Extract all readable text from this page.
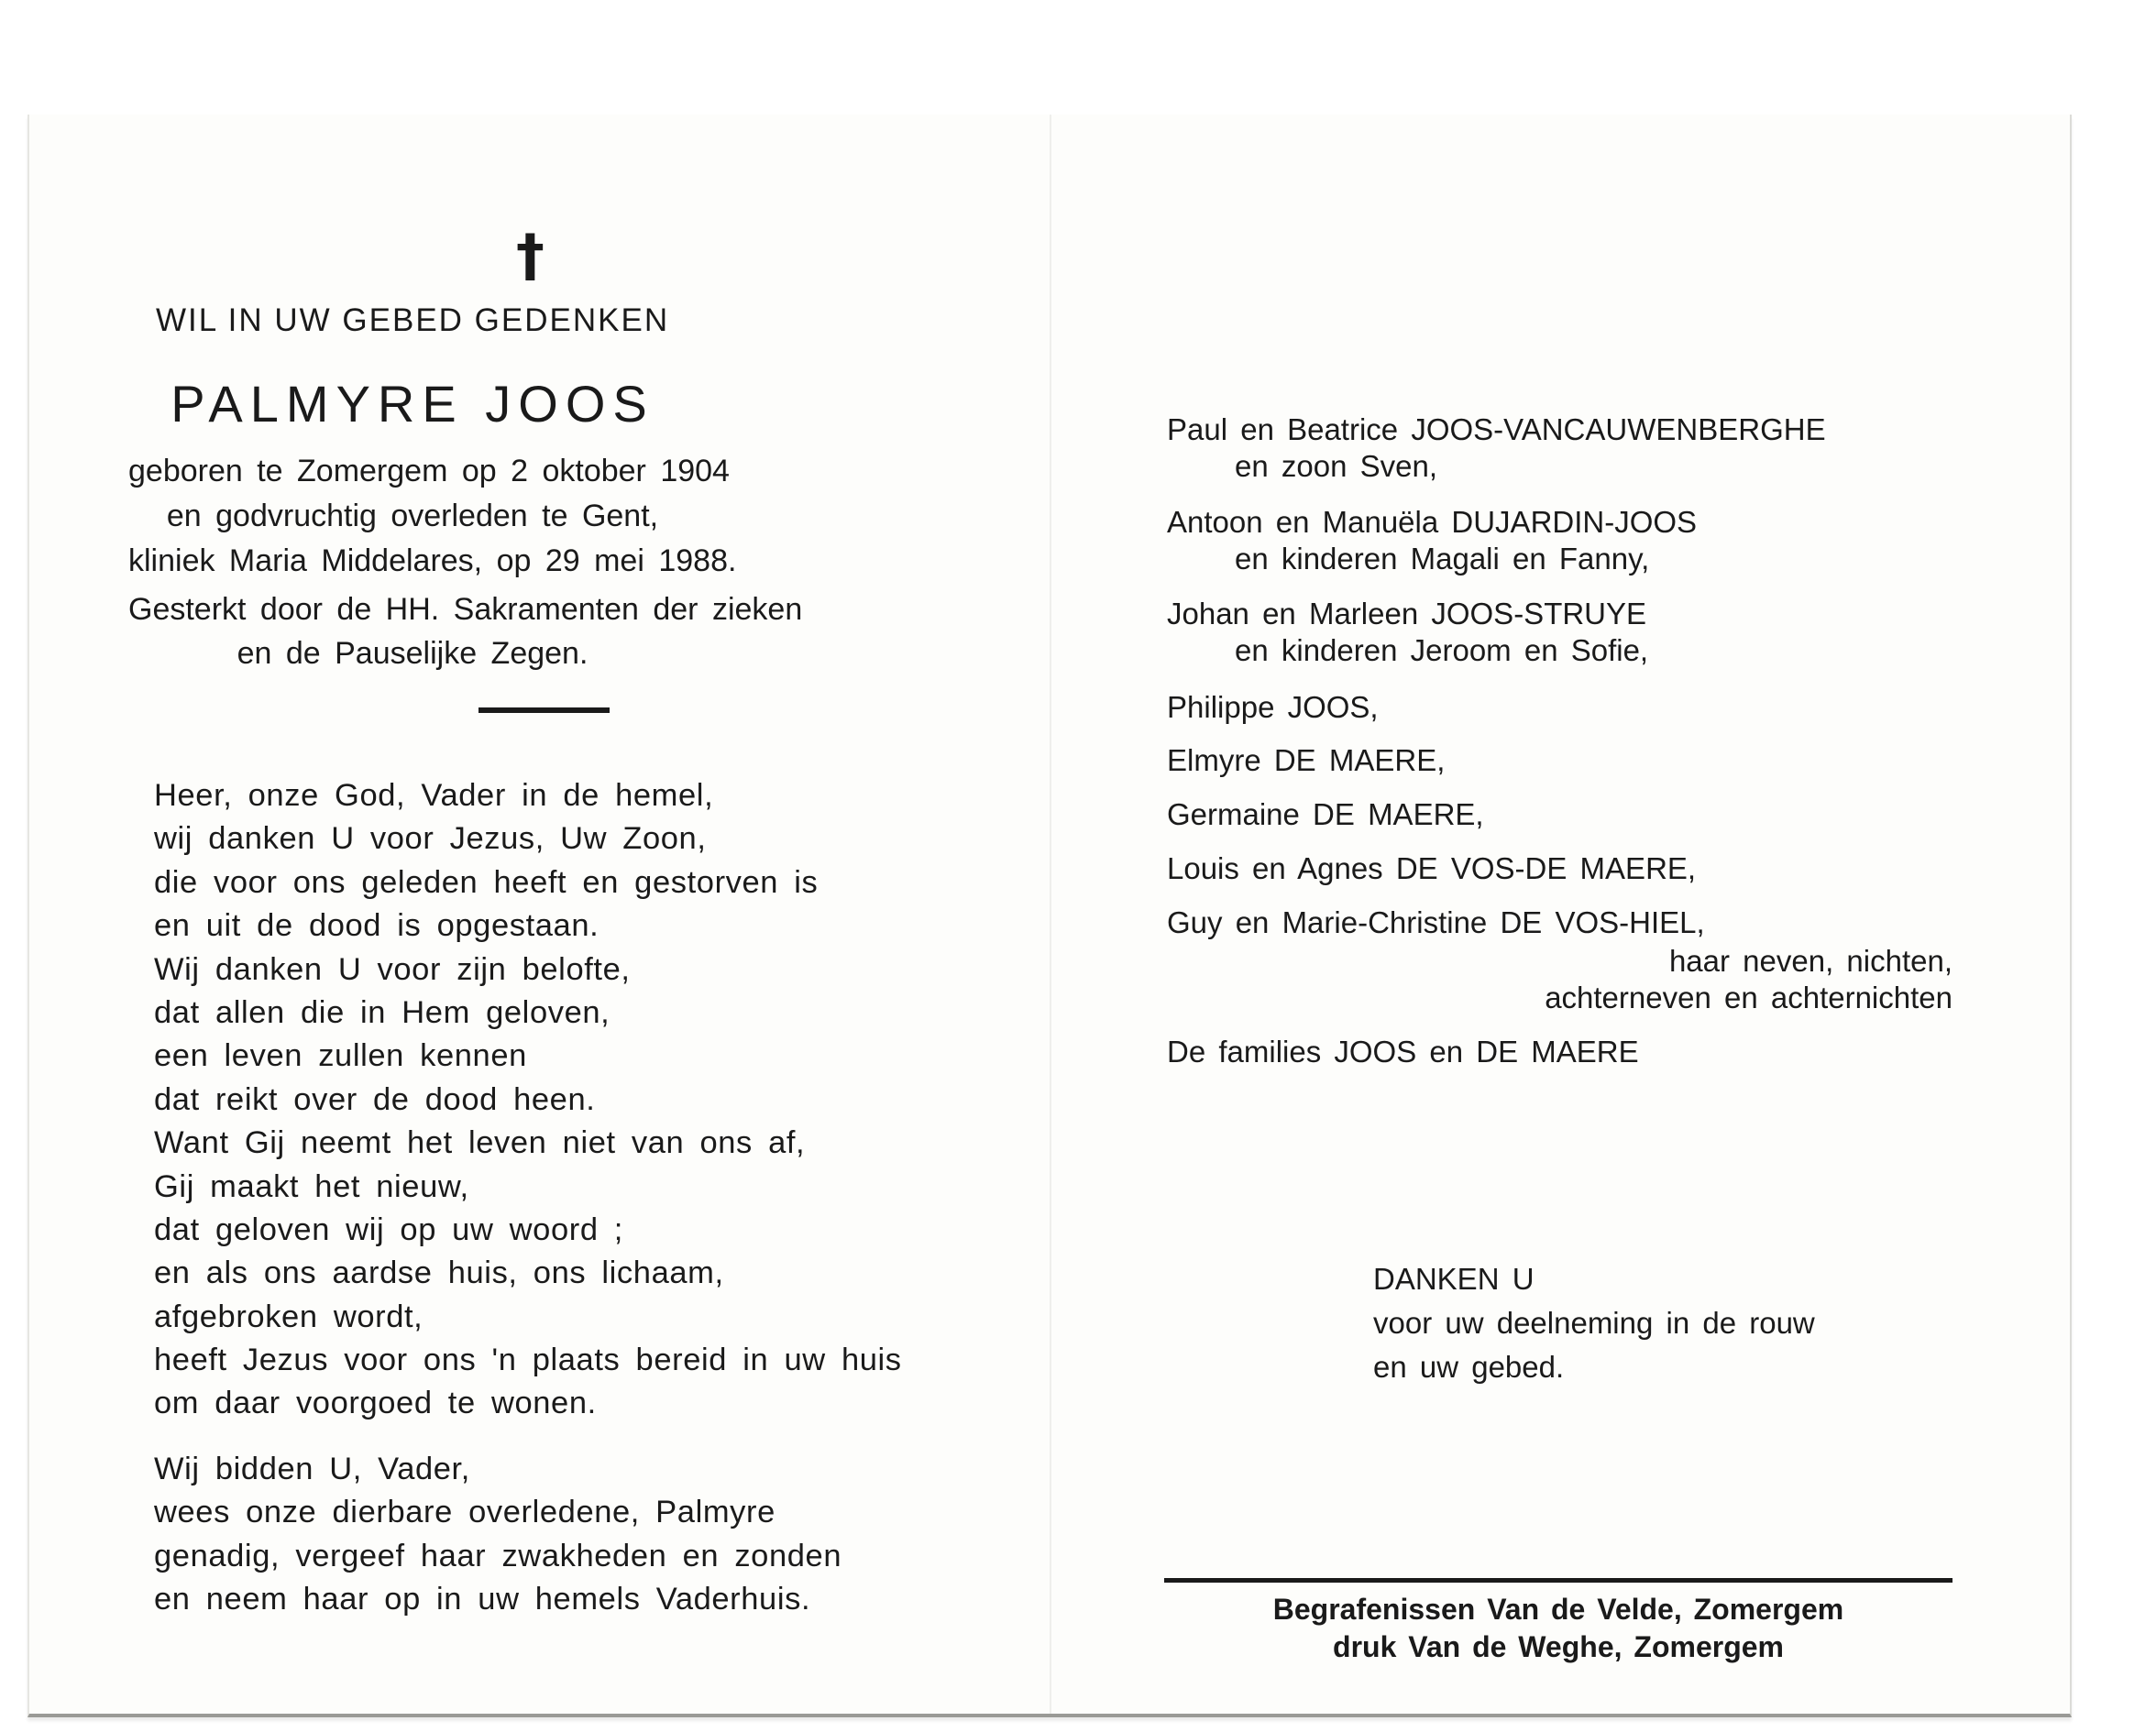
†
WIL IN UW GEBED GEDENKEN
PALMYRE JOOS
geboren te Zomergem op 2 oktober 1904
en godvruchtig overleden te Gent,
kliniek Maria Middelares, op 29 mei 1988.
Gesterkt door de HH. Sakramenten der zieken
en de Pauselijke Zegen.
Heer, onze God, Vader in de hemel,
wij danken U voor Jezus, Uw Zoon,
die voor ons geleden heeft en gestorven is
en uit de dood is opgestaan.
Wij danken U voor zijn belofte,
dat allen die in Hem geloven,
een leven zullen kennen
dat reikt over de dood heen.
Want Gij neemt het leven niet van ons af,
Gij maakt het nieuw,
dat geloven wij op uw woord ;
en als ons aardse huis, ons lichaam,
afgebroken wordt,
heeft Jezus voor ons 'n plaats bereid in uw huis
om daar voorgoed te wonen.
Wij bidden U, Vader,
wees onze dierbare overledene, Palmyre
genadig, vergeef haar zwakheden en zonden
en neem haar op in uw hemels Vaderhuis.
Paul en Beatrice JOOS-VANCAUWENBERGHE
en zoon Sven,
Antoon en Manuëla DUJARDIN-JOOS
en kinderen Magali en Fanny,
Johan en Marleen JOOS-STRUYE
en kinderen Jeroom en Sofie,
Philippe JOOS,
Elmyre DE MAERE,
Germaine DE MAERE,
Louis en Agnes DE VOS-DE MAERE,
Guy en Marie-Christine DE VOS-HIEL,
haar neven, nichten,
achterneven en achternichten
De families JOOS en DE MAERE
DANKEN U
voor uw deelneming in de rouw
en uw gebed.
Begrafenissen Van de Velde, Zomergem
druk Van de Weghe, Zomergem
